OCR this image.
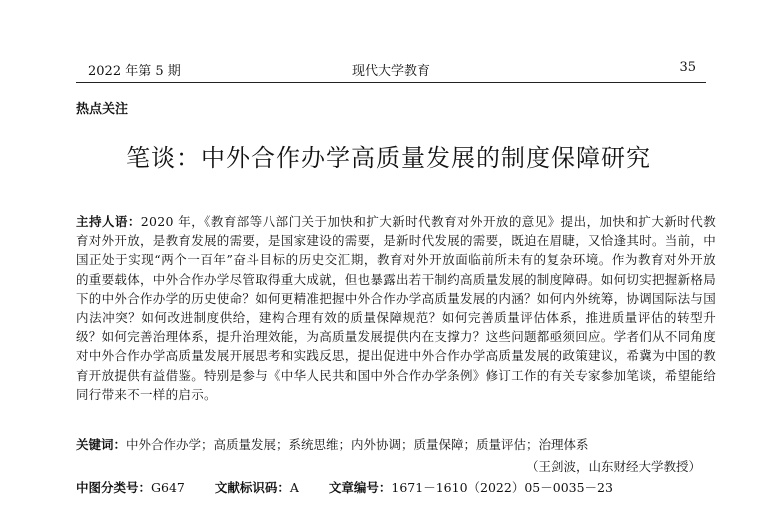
2022 年第 5 期	现代大学教育	35
热点关注
笔谈：中外合作办学高质量发展的制度保障研究
主持人语：2020 年，《教育部等八部门关于加快和扩大新时代教育对外开放的意见》提出，加快和扩大新时代教育对外开放，是教育发展的需要，是国家建设的需要，是新时代发展的需要，既迫在眉睫，又恰逢其时。当前，中国正处于实现“两个一百年”奋斗目标的历史交汇期，教育对外开放面临前所未有的复杂环境。作为教育对外开放的重要载体，中外合作办学尽管取得重大成就，但也暴露出若干制约高质量发展的制度障碍。如何切实把握新格局下的中外合作办学的历史使命？如何更精准把握中外合作办学高质量发展的内涵？如何内外统筹，协调国际法与国内法冲突？如何改进制度供给，建构合理有效的质量保障规范？如何完善质量评估体系，推进质量评估的转型升级？如何完善治理体系，提升治理效能，为高质量发展提供内在支撑力？这些问题都亟须回应。学者们从不同角度对中外合作办学高质量发展开展思考和实践反思，提出促进中外合作办学高质量发展的政策建议，希冀为中国的教育开放提供有益借鉴。特别是参与《中华人民共和国中外合作办学条例》修订工作的有关专家参加笔谈，希望能给同行带来不一样的启示。
关键词：中外合作办学；高质量发展；系统思维；内外协调；质量保障；质量评估；治理体系
（王剑波，山东财经大学教授）
中图分类号：G647 文献标识码：A 文章编号：1671－1610（2022）05－0035－23
